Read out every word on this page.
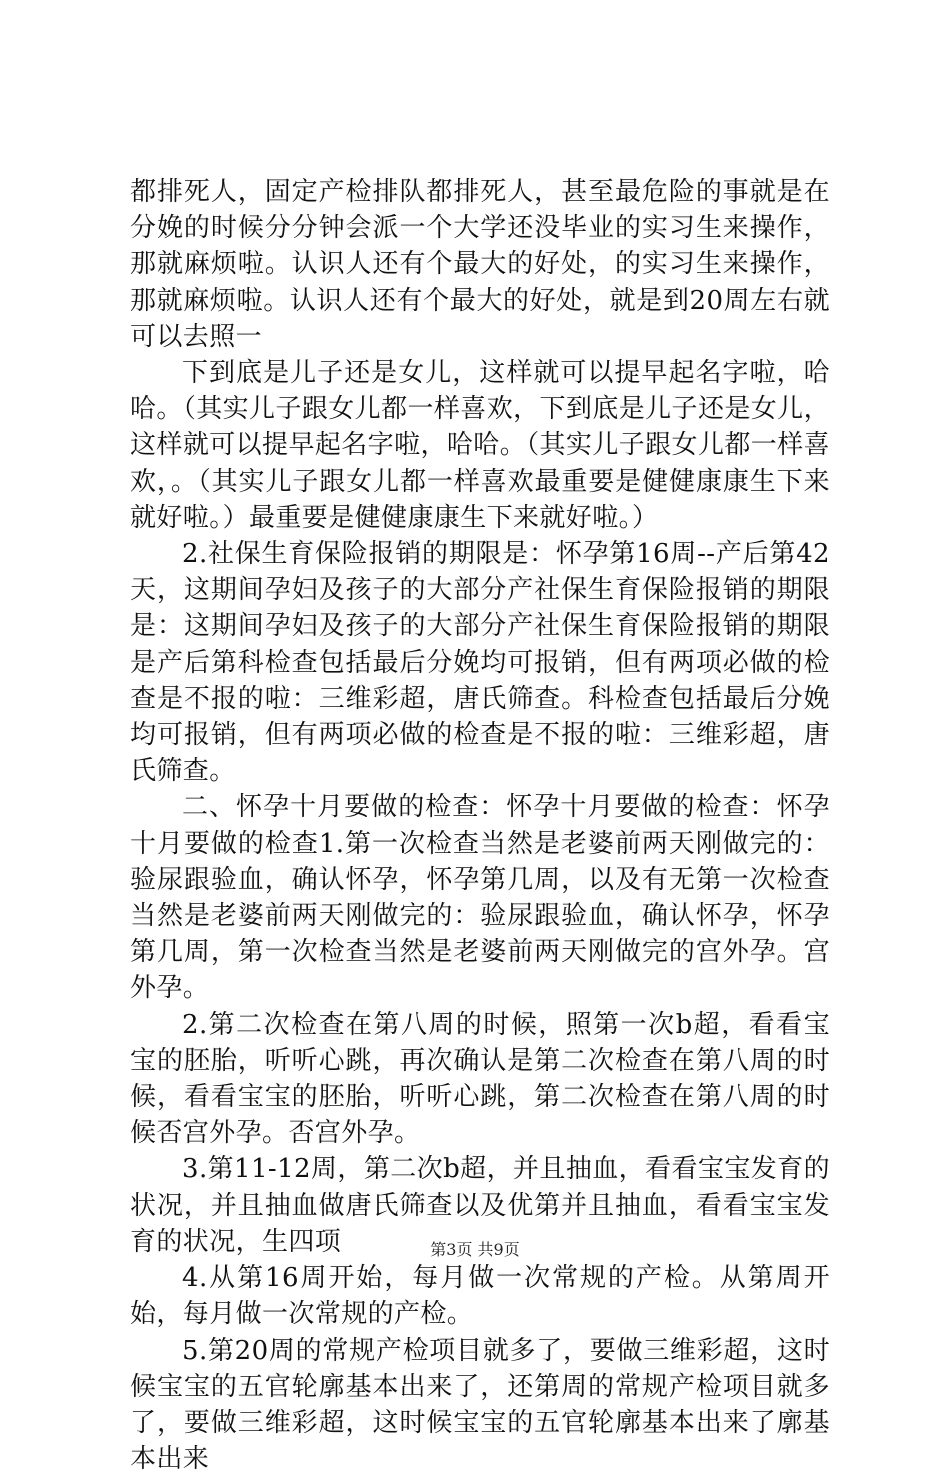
都排死人，固定产检排队都排死人，甚至最危险的事就是在分娩的时候分分钟会派一个大学还没毕业的实习生来操作，那就麻烦啦。认识人还有个最大的好处，的实习生来操作，那就麻烦啦。认识人还有个最大的好处，就是到20周左右就可以去照一

下到底是儿子还是女儿，这样就可以提早起名字啦，哈哈。（其实儿子跟女儿都一样喜欢，下到底是儿子还是女儿，这样就可以提早起名字啦，哈哈。（其实儿子跟女儿都一样喜欢，。（其实儿子跟女儿都一样喜欢最重要是健健康康生下来就好啦。）最重要是健健康康生下来就好啦。）

2.社保生育保险报销的期限是：怀孕第16周--产后第42天，这期间孕妇及孩子的大部分产社保生育保险报销的期限是：这期间孕妇及孩子的大部分产社保生育保险报销的期限是产后第科检查包括最后分娩均可报销，但有两项必做的检查是不报的啦：三维彩超，唐氏筛查。科检查包括最后分娩均可报销，但有两项必做的检查是不报的啦：三维彩超，唐氏筛查。

二、怀孕十月要做的检查：怀孕十月要做的检查：怀孕十月要做的检查1.第一次检查当然是老婆前两天刚做完的：验尿跟验血，确认怀孕，怀孕第几周，以及有无第一次检查当然是老婆前两天刚做完的：验尿跟验血，确认怀孕，怀孕第几周，第一次检查当然是老婆前两天刚做完的宫外孕。宫外孕。

2.第二次检查在第八周的时候，照第一次b超，看看宝宝的胚胎，听听心跳，再次确认是第二次检查在第八周的时候，看看宝宝的胚胎，听听心跳，第二次检查在第八周的时候否宫外孕。否宫外孕。

3.第11-12周，第二次b超，并且抽血，看看宝宝发育的状况，并且抽血做唐氏筛查以及优第并且抽血，看看宝宝发育的状况，生四项

4.从第16周开始，每月做一次常规的产检。从第周开始，每月做一次常规的产检。

5.第20周的常规产检项目就多了，要做三维彩超，这时候宝宝的五官轮廓基本出来了，还第周的常规产检项目就多了，要做三维彩超，这时候宝宝的五官轮廓基本出来了廓基本出来

第3页 共9页
